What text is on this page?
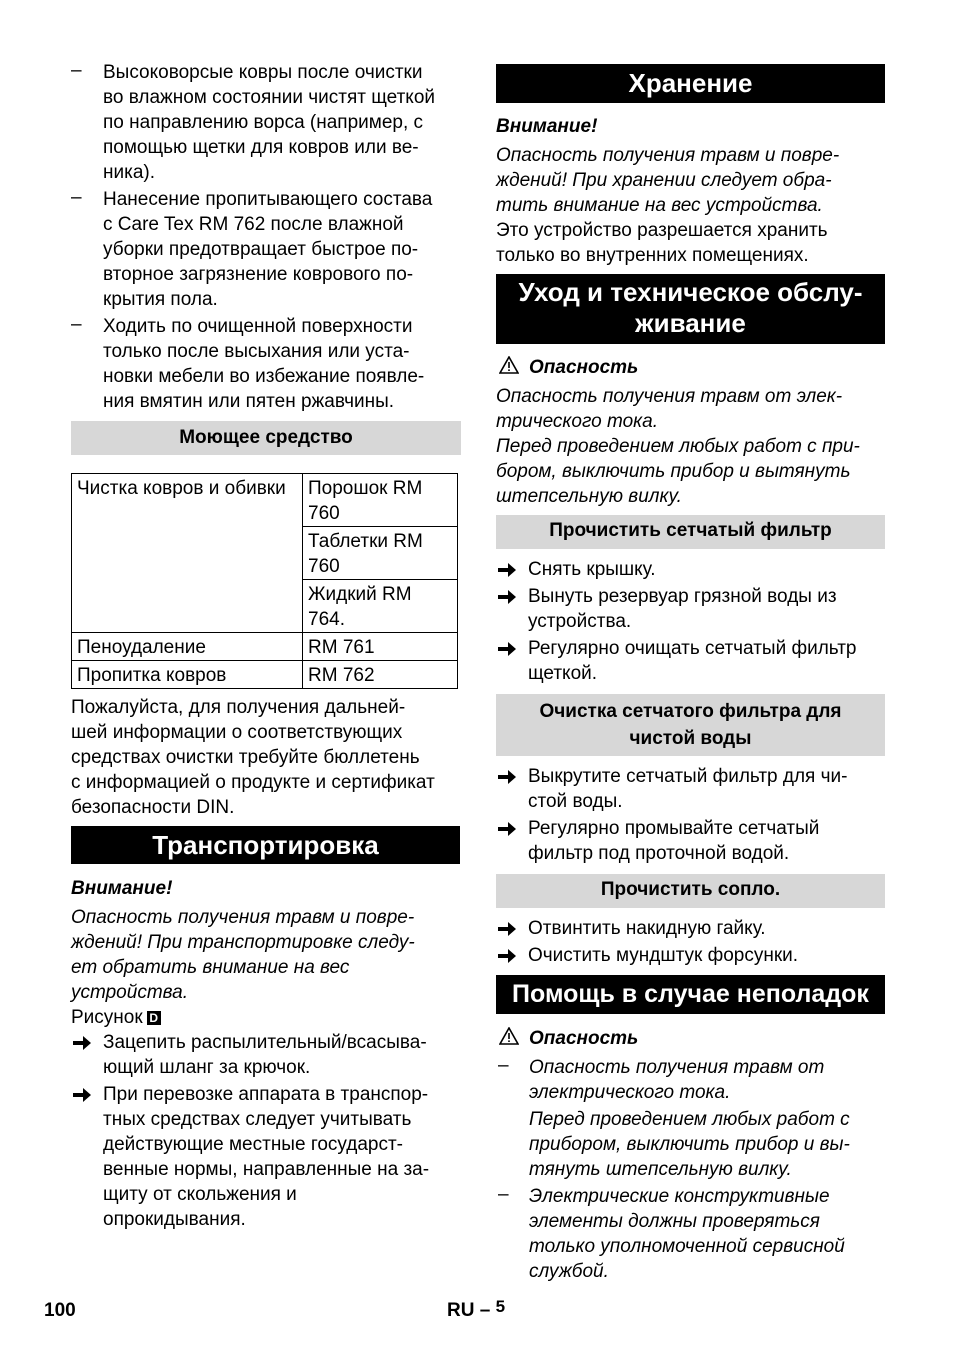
– Высоковорсые ковры после очистки
во влажном состоянии чистят щеткой
по направлению ворса (например, с
помощью щетки для ковров или ве-
ника).
– Нанесение пропитывающего состава
с Care Tex RM 762 после влажной
уборки предотвращает быстрое по-
вторное загрязнение коврового по-
крытия пола.
– Ходить по очищенной поверхности
только после высыхания или уста-
новки мебели во избежание появле-
ния вмятин или пятен ржавчины.
Моющее средство
Чистка ковров и обивки	Порошок RM
760
	Таблетки RM
760
	Жидкий RM
764.
Пеноудаление	RM 761
Пропитка ковров	RM 762
Пожалуйста, для получения дальней-
шей информации о соответствующих
средствах очистки требуйте бюллетень
с информацией о продукте и сертификат
безопасности DIN.
Транспортировка
Внимание!
Опасность получения травм и повре-
ждений! При транспортировке следу-
ет обратить внимание на вес
устройства.
Рисунок D
Зацепить распылительный/всасыва-
ющий шланг за крючок.
При перевозке аппарата в транспор-
тных средствах следует учитывать
действующие местные государст-
венные нормы, направленные на за-
щиту от скольжения и
опрокидывания.
Хранение
Внимание!
Опасность получения травм и повре-
ждений! При хранении следует обра-
тить внимание на вес устройства.
Это устройство разрешается хранить
только во внутренних помещениях.
Уход и техническое обслу-
живание
Опасность
Опасность получения травм от элек-
трического тока.
Перед проведением любых работ с при-
бором, выключить прибор и вытянуть
штепсельную вилку.
Прочистить сетчатый фильтр
Снять крышку.
Вынуть резервуар грязной воды из
устройства.
Регулярно очищать сетчатый фильтр
щеткой.
Очистка сетчатого фильтра для
чистой воды
Выкрутите сетчатый фильтр для чи-
стой воды.
Регулярно промывайте сетчатый
фильтр под проточной водой.
Прочистить сопло.
Отвинтить накидную гайку.
Очистить мундштук форсунки.
Помощь в случае неполадок
Опасность
– Опасность получения травм от
электрического тока.
Перед проведением любых работ с
прибором, выключить прибор и вы-
тянуть штепсельную вилку.
– Электрические конструктивные
элементы должны проверяться
только уполномоченной сервисной
службой.
100	RU – 5
